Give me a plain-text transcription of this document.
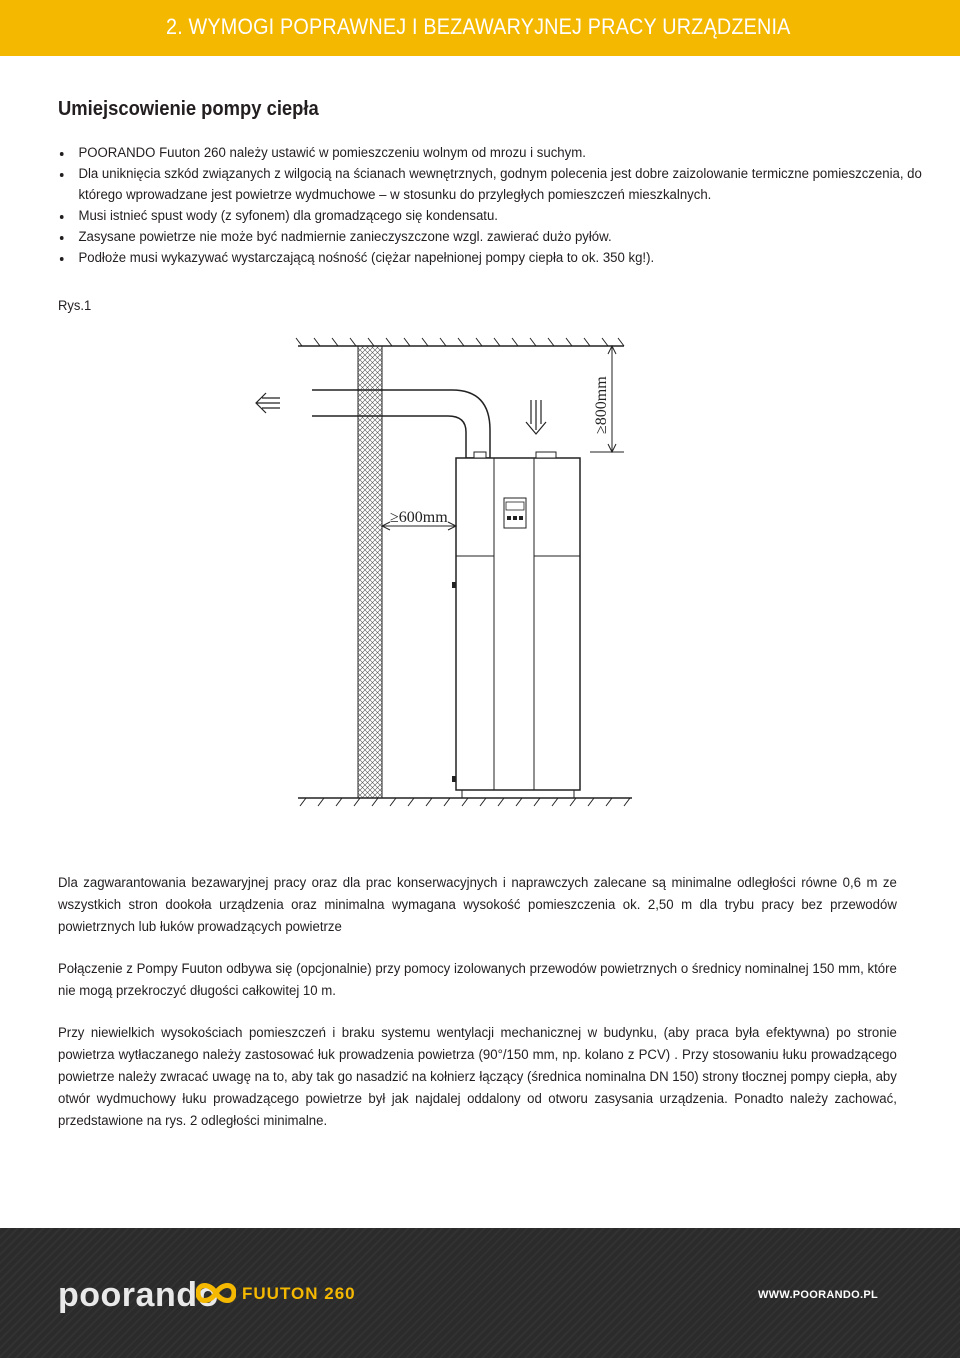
2. WYMOGI POPRAWNEJ I BEZAWARYJNEJ PRACY URZĄDZENIA
Umiejscowienie pompy ciepła
POORANDO Fuuton 260 należy ustawić w pomieszczeniu wolnym od mrozu i suchym.
Dla uniknięcia szkód związanych z wilgocią na ścianach wewnętrznych, godnym polecenia jest dobre zaizolowanie termiczne pomieszczenia, do którego wprowadzane jest powietrze wydmuchowe – w stosunku do przyległych pomieszczeń mieszkalnych.
Musi istnieć spust wody (z syfonem) dla gromadzącego się kondensatu.
Zasysane powietrze nie może być nadmiernie zanieczyszczone wzgl. zawierać dużo pyłów.
Podłoże musi wykazywać wystarczającą nośność (ciężar napełnionej pompy ciepła to ok. 350 kg!).
Rys.1
≥800mm
≥600mm

Dla zagwarantowania bezawaryjnej pracy oraz dla prac konserwacyjnych i naprawczych zalecane są minimalne odległości równe 0,6 m ze wszystkich stron dookoła urządzenia oraz minimalna wymagana wysokość pomieszczenia ok. 2,50 m dla trybu pracy bez przewodów powietrznych lub łuków prowadzących powietrze

Połączenie z Pompy Fuuton odbywa się (opcjonalnie) przy pomocy izolowanych przewodów powietrznych o średnicy nominalnej 150 mm, które nie mogą przekroczyć długości całkowitej 10 m.

Przy niewielkich wysokościach pomieszczeń i braku systemu wentylacji mechanicznej w budynku, (aby praca była efektywna) po stronie powietrza wytłaczanego należy zastosować łuk prowadzenia powietrza (90°/150 mm, np. kolano z PCV) . Przy stosowaniu łuku prowadzącego powietrze należy zwracać uwagę na to, aby tak go nasadzić na kołnierz łączący (średnica nominalna DN 150) strony tłocznej pompy ciepła, aby otwór wydmuchowy łuku prowadzącego powietrze był jak najdalej oddalony od otworu zasysania urządzenia. Ponadto należy zachować, przedstawione na rys. 2 odległości minimalne.

poorando FUUTON 260	WWW.POORANDO.PL
